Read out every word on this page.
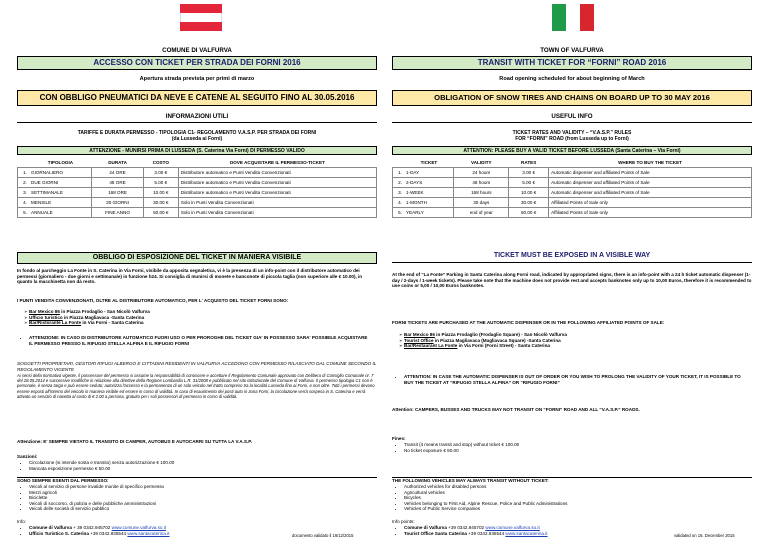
COMUNE DI VALFURVA
ACCESSO CON TICKET PER STRADA DEI FORNI 2016
Apertura strada prevista per primi di marzo
CON OBBLIGO PNEUMATICI DA NEVE E CATENE AL SEGUITO FINO AL 30.05.2016
INFORMAZIONI UTILI
TARIFFE E DURATA PERMESSO - TIPOLOGIA C1- REGOLAMENTO V.A.S.P. PER STRADA DEI FORNI
(da Lusseda ai Forni)
ATTENZIONE - MUNIRSI PRIMA DI LUSSEDA (S. Caterina Via Forni) DI PERMESSO VALIDO
	TIPOLOGIA	DURATA	COSTO	DOVE ACQUISTARE IL PERMESSO-TICKET
1.	GIORNALIERO	24 ORE	3.00 €	Distributore automatico e Punti Vendita Convenzionati
2.	DUE GIORNI	48 ORE	5.00 €	Distributore automatico e Punti Vendita Convenzionati
3.	SETTIMANALE	168 ORE	10.00 €	Distributore automatico e Punti Vendita Convenzionati
4.	MENSILE	30 GIORNI	30.00 €	Solo in Punti Vendita Convenzionati
5.	ANNUALE	FINE ANNO	50.00 €	Solo in Punti Vendita Convenzionati
OBBLIGO DI ESPOSIZIONE DEL TICKET IN MANIERA VISIBILE
In fondo al parcheggio La Fonte in S. Caterina in Via Forni, visibile da apposita segnaletica, vi è la presenza di un info-point con il distributore automatico dei permessi (giornaliero - due giorni e settimanale) in funzione h24. Si consiglia di munirsi di monete e banconote di piccola taglia (non superiore alle € 10.00), in quanto la macchinetta non dà resto.
I PUNTI VENDITA CONVENZIONATI, OLTRE AL DISTRIBUTORE AUTOMATICO, PER L' ACQUISTO DEL TICKET FORNI SONO:
➢ Bar Mexico 86 in Piazza Frodaglio - San Nicolò Valfurva
➢ Ufficio turistico in Piazza Magliavaca -Santa Caterina
➢ Bar/Ristorante La Fonte in Via Forni - Santa Caterina
• ATTENZIONE: IN CASO DI DISTRIBUTORE AUTOMATICO FUORI USO O PER PROROGHE DEL TICKET GIA' IN POSSESSO SARA' POSSIBILE ACQUISTARE IL PERMESSO PRESSO IL RIFUGIO STELLA ALPINA E IL RIFUGIO FORNI
SOGGETTI PROPRIETARI, GESTORI RIFUGI ALBERGO E CITTADINI RESIDENTI IN VALFURVA ACCEDONO CON PERMESSO RILASCIATO DAL COMUNE SECONDO IL REGOLAMENTO VIGENTE
Ai sensi della normativa vigente, il possessore del permesso si assume la responsabilità di conoscere e accettare il Regolamento Comunale approvato con Delibera di Consiglio Comunale nr. 7 del 28.05.2014 e successive modifiche in relazione alla direttive della Regione Lombardia L.R. 31/2008 e pubblicato nel sito istituzionale del Comune di Valfurva. Il permesso tipologia C1 non è personale, è senza targa e può essere ceduto; autorizza l'accesso e la permanenza di un solo veicolo nel tratto compreso tra la località Lusseda fino ai Forni, e non oltre. Tutti i permessi devono essere esposti all'interno del veicolo in maniera visibile ed essere in corso di validità. In caso di esaurimento dei posti auto in zona Forni, la circolazione verrà sospesa in S. Caterina e verrà attivato un servizio di navetta al costo di € 2.00 a persona, gratuito per i soli possessori di permesso in corso di validità.
Attenzione: E' SEMPRE VIETATO IL TRANSITO DI CAMPER, AUTOBUS E AUTOCARRI SU TUTTA LA V.A.S.P.
Sanzioni:
• Circolazione (si intende sosta e transito) senza autorizzazione € 100.00
• Mancata esposizione permesso € 50.00
SONO SEMPRE ESENTI DAL PERMESSO:
• Veicoli al servizio di persone invalide munite di specifico permesso
• Mezzi agricoli
• Biciclette
• Veicoli di soccorso, di polizia e delle pubbliche amministrazioni
• Veicoli delle società di servizio pubblico
Info:
• Comune di Valfurva + 39 0342.945702 www.comune.valfurva.so.it
• Ufficio Turistico S. Caterina +39 0342.935544 www.santacaterina.it	documento validato il 16/12/2015
TOWN OF VALFURVA
TRANSIT WITH TICKET FOR “FORNI” ROAD 2016
Road opening scheduled for about beginning of March
OBLIGATION OF SNOW TIRES AND CHAINS ON BOARD UP TO 30 MAY 2016
USEFUL INFO
TICKET RATES AND VALIDITY – “V.A.S.P.” RULES
FOR “FORNI” ROAD (from Lusseda up to Forni)
ATTENTION: PLEASE BUY A VALID TICKET BEFORE LUSSEDA (Santa Caterina – Via Forni)
	TICKET	VALIDITY	RATES	WHERE TO BUY THE TICKET
1.	1-DAY	24 hours	3.00 €	Automatic dispenser and affiliated Points of Sale
2.	2-DAYS	48 hours	5.00 €	Automatic dispenser and affiliated Points of Sale
3.	1-WEEK	168 hours	10.00 €	Automatic dispenser and affiliated Points of Sale
4.	1-MONTH	30 days	30.00 €	Affiliated Points of Sale only
5.	YEARLY	end of year	50.00 €	Affiliated Points of Sale only
TICKET MUST BE EXPOSED IN A VISIBLE WAY
At the end of “La Fonte” Parking in Santa Caterina along Forni road, indicated by appropriated signs, there is an info-point with a 24 h ticket automatic dispenser (1-day / 2-days / 1-week tickets). Please take note that the machine does not provide rest and accepts banknotes only up to 10,00 Euros, therefore it is recommended to use coins or 5,00 / 10,00 Euros banknotes.
FORNI TICKETS ARE PURCHASED AT THE AUTOMATIC DISPENSER OR IN THE FOLLOWING AFFILIATED POINTS OF SALE:
➢ Bar Mexico 86 in Piazza Frodaglio (Frodaglio Square) - San Nicolò Valfurva
➢ Tourist Office in Piazza Magliavaca (Magliavaca Square) -Santa Caterina
➢ Bar/Restaurant La Fonte in Via Forni (Forni Street) - Santa Caterina
• ATTENTION: IN CASE THE AUTOMATIC DISPENSER IS OUT OF ORDER OR YOU WISH TO PROLONG THE VALIDITY OF YOUR TICKET, IT IS POSSIBLE TO BUY THE TICKET AT “RIFUGIO STELLA ALPINA” OR “RIFUGIO FORNI”
Attention: CAMPERS, BUSSES AND TRUCKS MAY NOT TRANSIT ON “FORNI” ROAD AND ALL “V.A.S.P.” ROADS.
Fines:
• Transit (it means transit and stop) without ticket € 100.00
• No ticket exposure € 50.00
THE FOLLOWING VEHICLES MAY ALWAYS TRANSIT WITHOUT TICKET:
• Authorized vehicles for disabled persons
• Agricultural vehicles
• Bicycles
• Vehicles belonging to First Aid, Alpine Rescue, Police and Public Administrations
• Vehicles of Public Service companies
Info points:
• Comune di Valfurva +39 0342.945702 www.comune.valfurva.so.it
• Tourist Office Santa Caterina +39 0342.935544 www.santacaterina.it	validated on 16. December 2015
